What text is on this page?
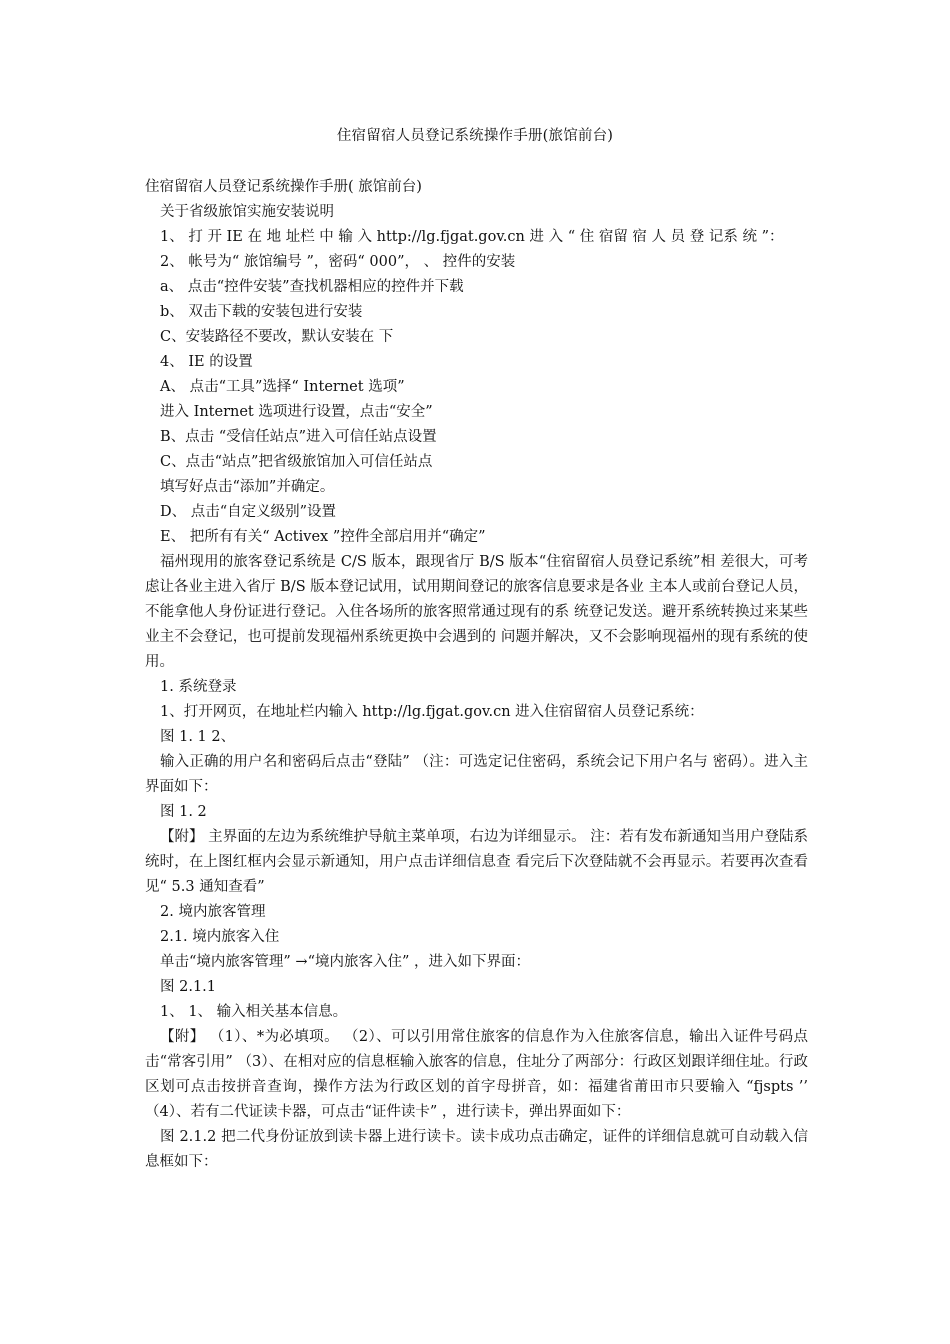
住宿留宿人员登记系统操作手册(旅馆前台)

住宿留宿人员登记系统操作手册( 旅馆前台)

关于省级旅馆实施安装说明

1、 打 开 IE 在 地 址栏 中 输 入 http://lg.fjgat.gov.cn 进 入 “ 住 宿留 宿 人 员 登 记系 统 ”：

2、 帐号为“ 旅馆编号 ”，密码“ 000”， 、 控件的安装

a、 点击“控件安装”查找机器相应的控件并下载

b、 双击下载的安装包进行安装

C、安装路径不要改，默认安装在 下

4、 IE 的设置

A、 点击“工具”选择“ Internet 选项”

进入 Internet 选项进行设置，点击“安全”

B、点击 “受信任站点”进入可信任站点设置

C、点击“站点”把省级旅馆加入可信任站点

填写好点击“添加”并确定。

D、 点击“自定义级别”设置

E、 把所有有关“ Activex ”控件全部启用并“确定”

福州现用的旅客登记系统是 C/S 版本，跟现省厅 B/S 版本“住宿留宿人员登记系统”相 差很大，可考虑让各业主进入省厅 B/S 版本登记试用，试用期间登记的旅客信息要求是各业 主本人或前台登记人员，不能拿他人身份证进行登记。入住各场所的旅客照常通过现有的系 统登记发送。避开系统转换过来某些业主不会登记，也可提前发现福州系统更换中会遇到的 问题并解决，又不会影响现福州的现有系统的使用。

1. 系统登录

1、打开网页，在地址栏内输入 http://lg.fjgat.gov.cn 进入住宿留宿人员登记系统：

图 1. 1 2、

输入正确的用户名和密码后点击“登陆” （注：可选定记住密码，系统会记下用户名与 密码）。进入主界面如下：

图 1. 2

【附】 主界面的左边为系统维护导航主菜单项，右边为详细显示。 注：若有发布新通知当用户登陆系统时，在上图红框内会显示新通知，用户点击详细信息查 看完后下次登陆就不会再显示。若要再次查看见“ 5.3 通知查看”

2. 境内旅客管理

2.1. 境内旅客入住

单击“境内旅客管理” →“境内旅客入住” ，进入如下界面：

图 2.1.1

1、 1、 输入相关基本信息。

【附】 （1）、*为必填项。 （2）、可以引用常住旅客的信息作为入住旅客信息，输出入证件号码点击“常客引用” （3）、在相对应的信息框输入旅客的信息，住址分了两部分：行政区划跟详细住址。行政 区划可点击按拼音查询，操作方法为行政区划的首字母拼音，如：福建省莆田市只要输入 “fjspts ’’ （4）、若有二代证读卡器，可点击“证件读卡” ，进行读卡，弹出界面如下：

图 2.1.2 把二代身份证放到读卡器上进行读卡。读卡成功点击确定，证件的详细信息就可自动载入信息框如下：
